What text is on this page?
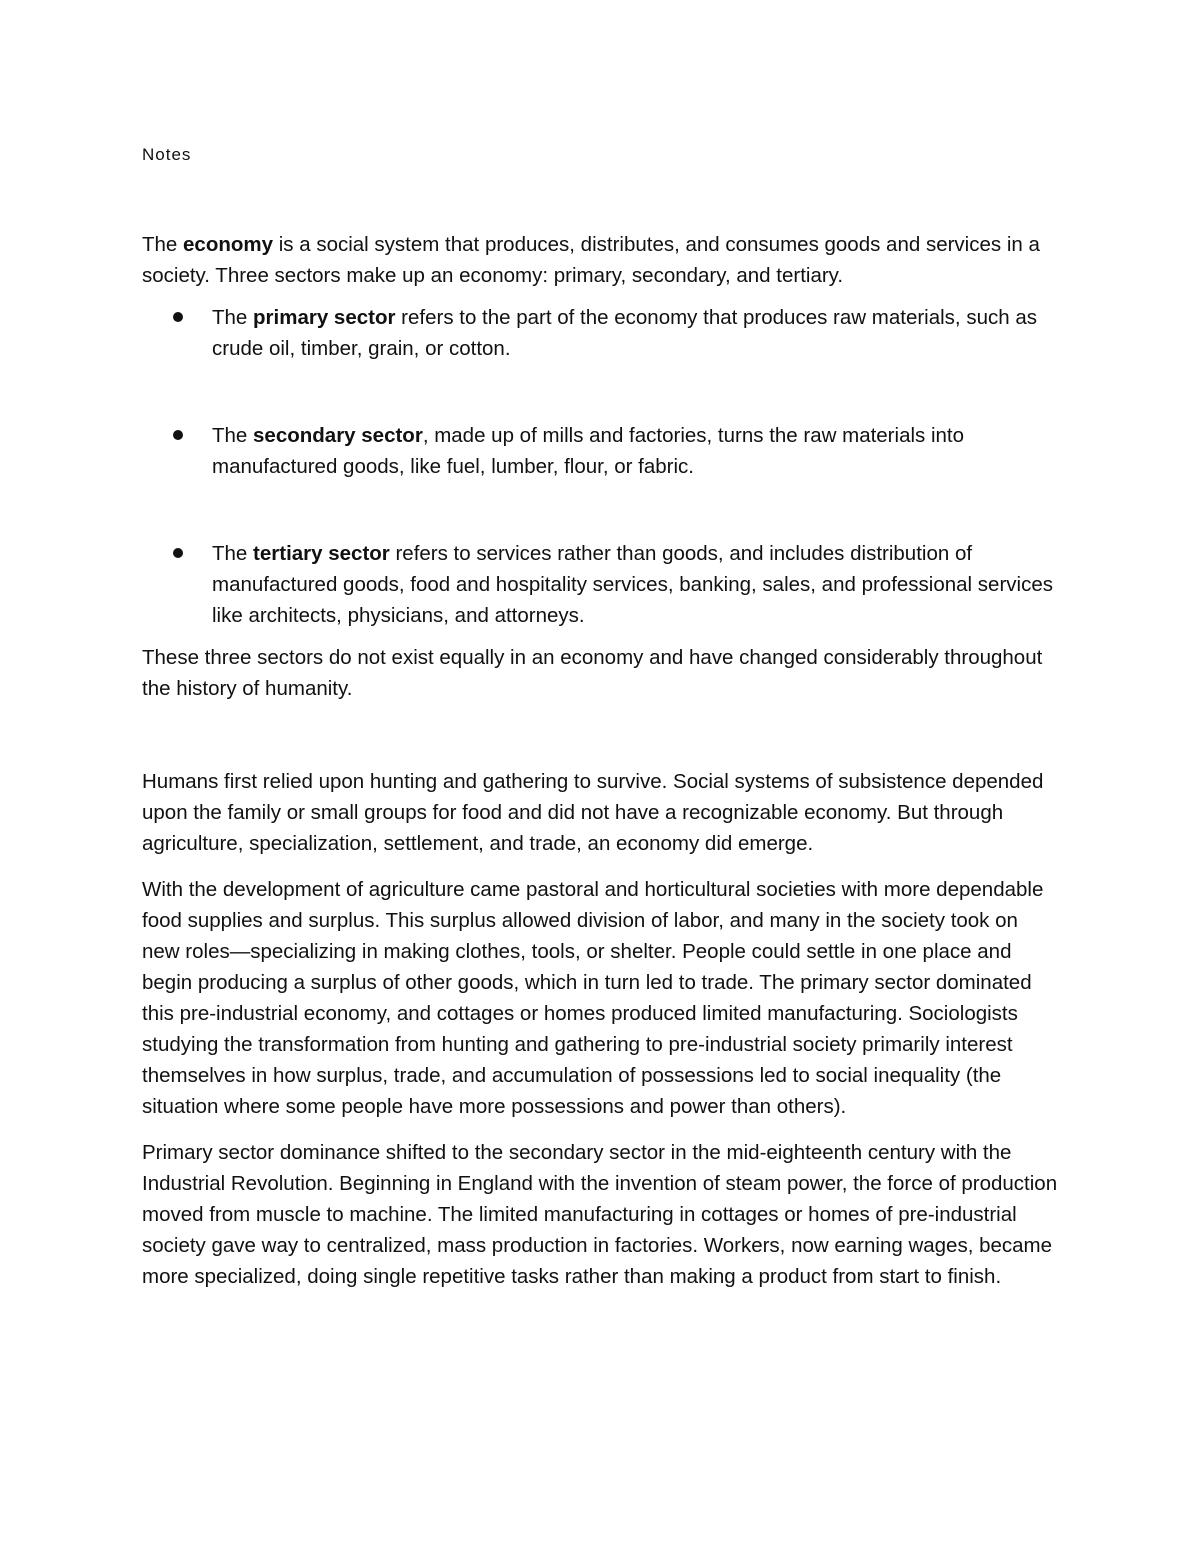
Notes

The economy is a social system that produces, distributes, and consumes goods and services in a society. Three sectors make up an economy: primary, secondary, and tertiary.

The primary sector refers to the part of the economy that produces raw materials, such as crude oil, timber, grain, or cotton.
The secondary sector, made up of mills and factories, turns the raw materials into manufactured goods, like fuel, lumber, flour, or fabric.
The tertiary sector refers to services rather than goods, and includes distribution of manufactured goods, food and hospitality services, banking, sales, and professional services like architects, physicians, and attorneys.

These three sectors do not exist equally in an economy and have changed considerably throughout the history of humanity.

Humans first relied upon hunting and gathering to survive. Social systems of subsistence depended upon the family or small groups for food and did not have a recognizable economy. But through agriculture, specialization, settlement, and trade, an economy did emerge.

With the development of agriculture came pastoral and horticultural societies with more dependable food supplies and surplus. This surplus allowed division of labor, and many in the society took on new roles—specializing in making clothes, tools, or shelter. People could settle in one place and begin producing a surplus of other goods, which in turn led to trade. The primary sector dominated this pre-industrial economy, and cottages or homes produced limited manufacturing. Sociologists studying the transformation from hunting and gathering to pre-industrial society primarily interest themselves in how surplus, trade, and accumulation of possessions led to social inequality (the situation where some people have more possessions and power than others).

Primary sector dominance shifted to the secondary sector in the mid-eighteenth century with the Industrial Revolution. Beginning in England with the invention of steam power, the force of production moved from muscle to machine. The limited manufacturing in cottages or homes of pre-industrial society gave way to centralized, mass production in factories. Workers, now earning wages, became more specialized, doing single repetitive tasks rather than making a product from start to finish.
